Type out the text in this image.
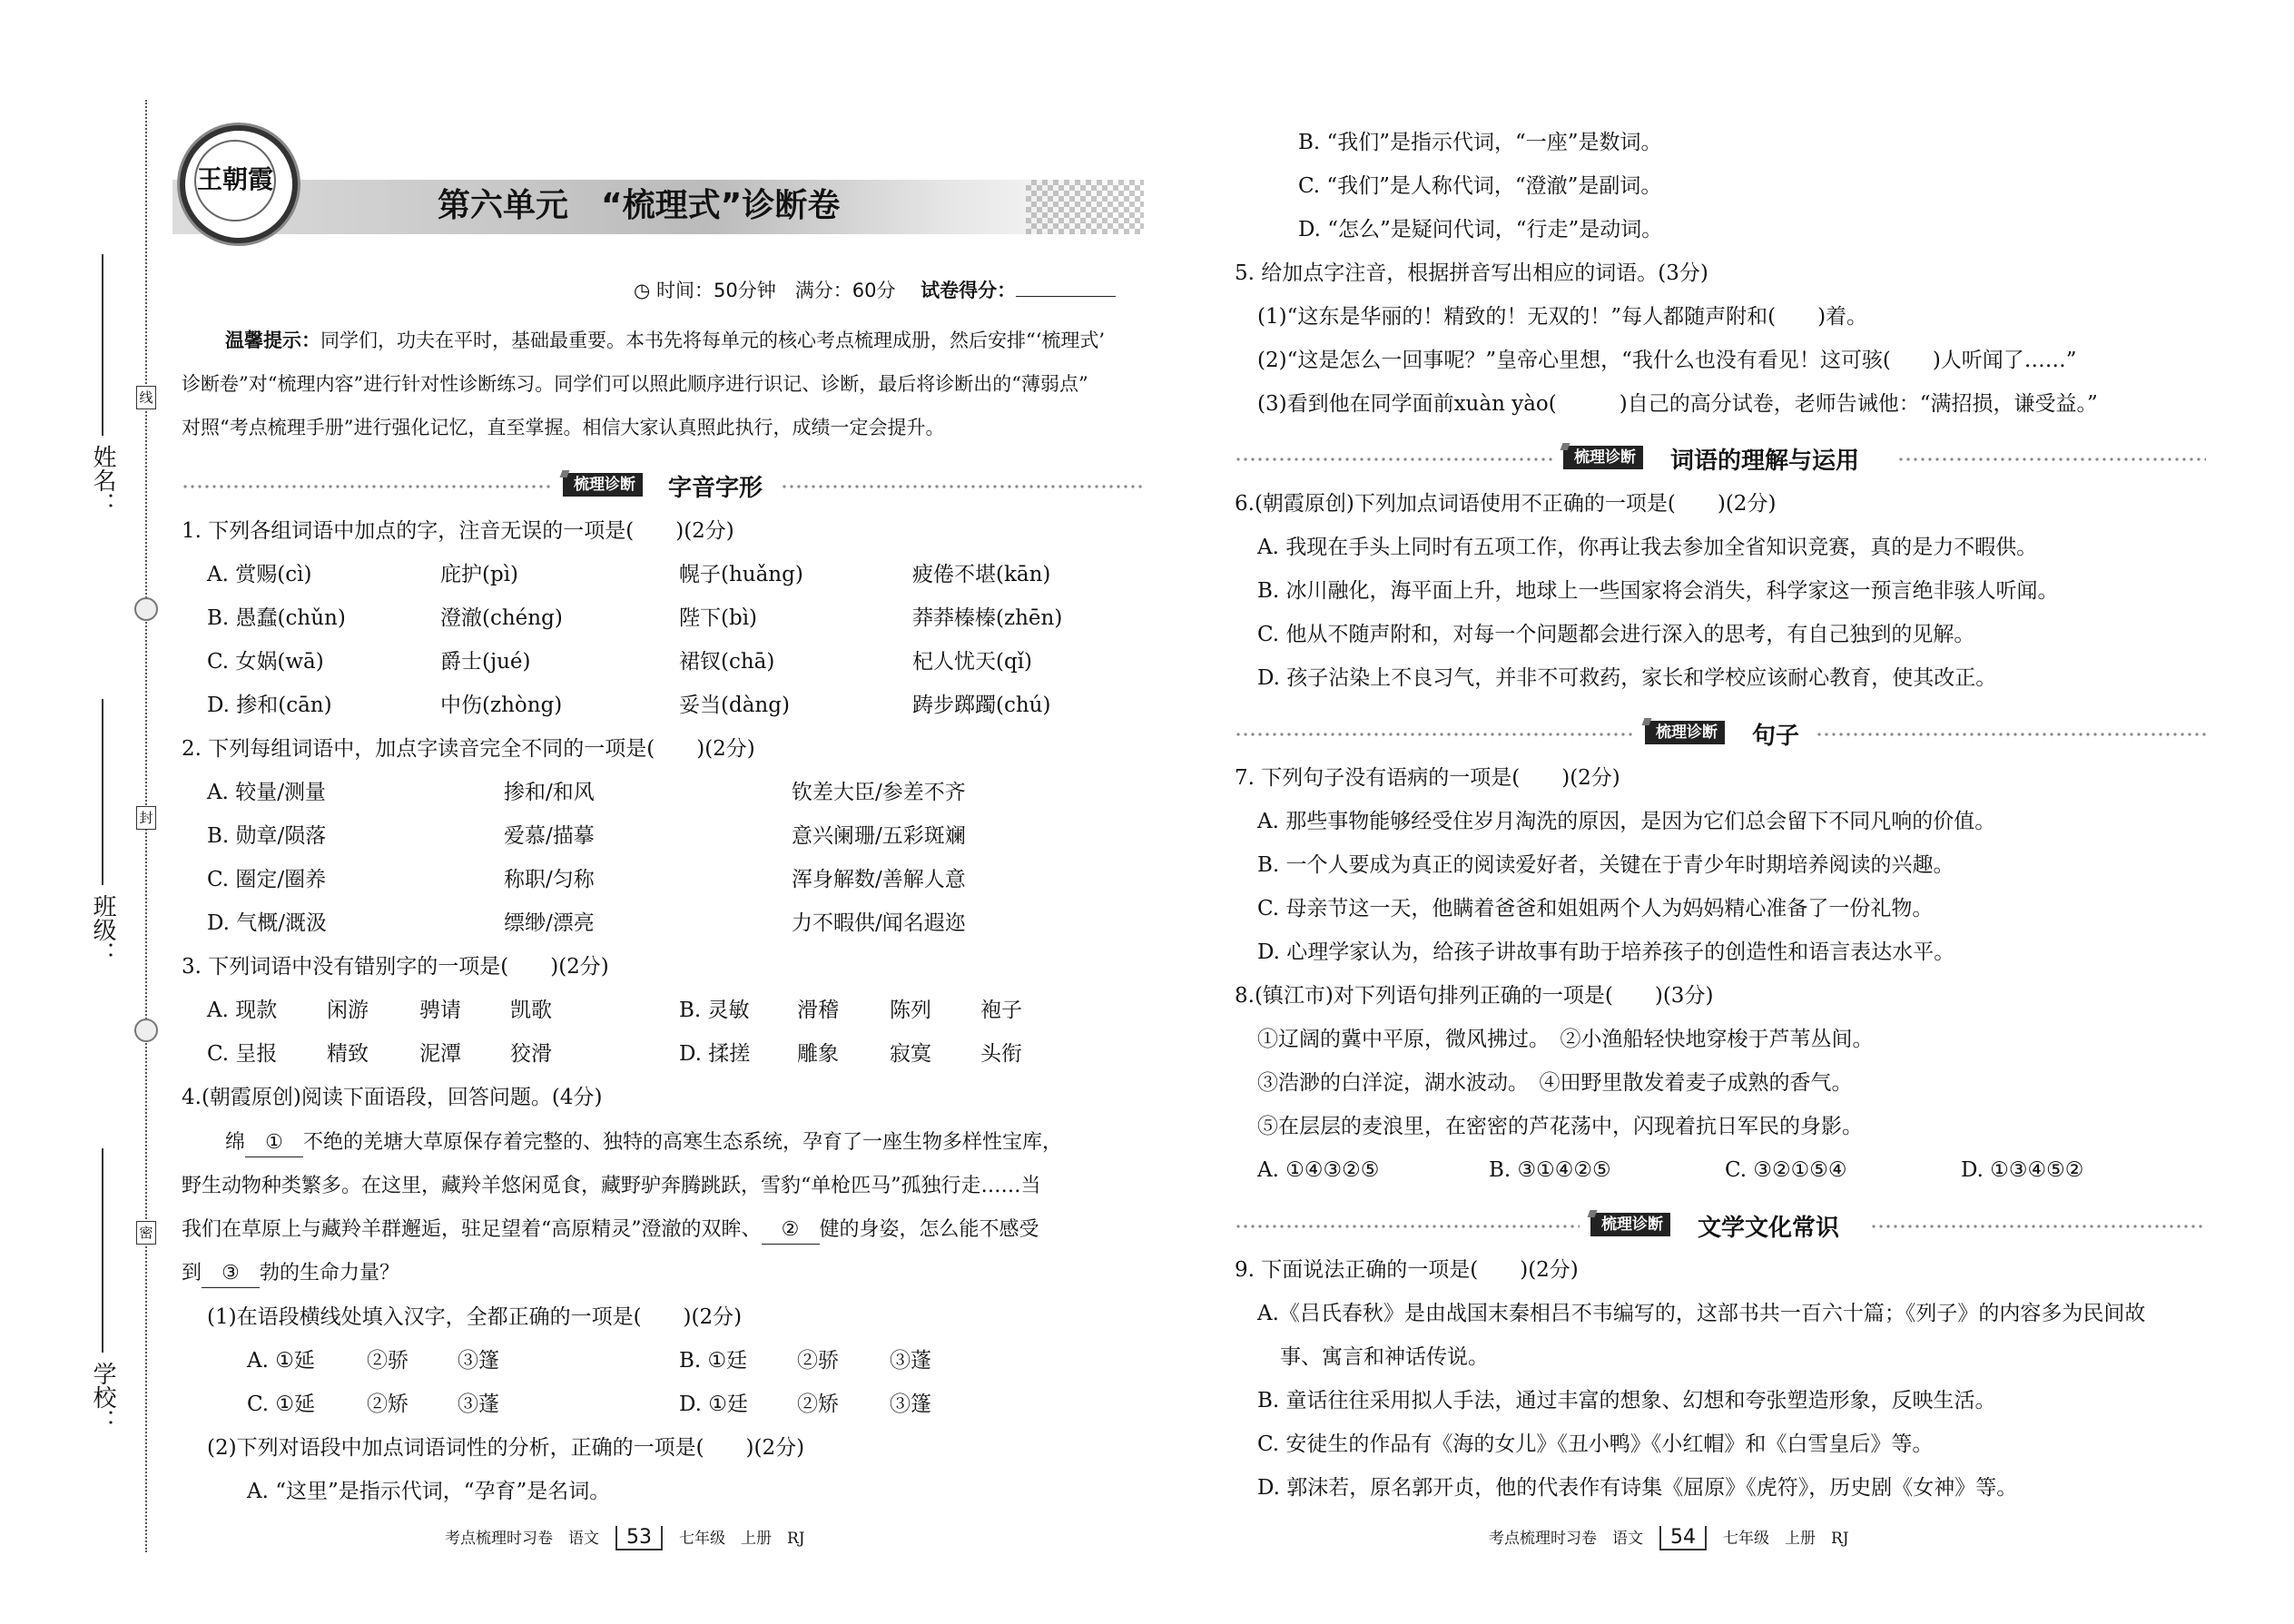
姓名：
班级：
学校：
线
封
密
王朝霞
第六单元　“梳理式”诊断卷
◷ 时间：50分钟　 满分：60分　 试卷得分：
温馨提示：同学们，功夫在平时，基础最重要。本书先将每单元的核心考点梳理成册，然后安排“‘梳理式’
诊断卷”对“梳理内容”进行针对性诊断练习。同学们可以照此顺序进行识记、诊断，最后将诊断出的“薄弱点”
对照“考点梳理手册”进行强化记忆，直至掌握。相信大家认真照此执行，成绩一定会提升。
梳理诊断	字音字形
1. 下列各组词语中加点的字，注音无误的一项是(　　)(2分)
A. 赏赐(cì)	庇护(pì)	幌子(huǎng)	疲倦不堪(kān)
B. 愚蠢(chǔn)	澄澈(chéng)	陛下(bì)	莽莽榛榛(zhēn)
C. 女娲(wā)	爵士(jué)	裙钗(chā)	杞人忧天(qǐ)
D. 掺和(cān)	中伤(zhòng)	妥当(dàng)	踌步踯躅(chú)
2. 下列每组词语中，加点字读音完全不同的一项是(　　)(2分)
A. 较量/测量	掺和/和风	钦差大臣/参差不齐
B. 勋章/陨落	爱慕/描摹	意兴阑珊/五彩斑斓
C. 圈定/圈养	称职/匀称	浑身解数/善解人意
D. 气概/溉汲	缥缈/漂亮	力不暇供/闻名遐迩
3. 下列词语中没有错别字的一项是(　　)(2分)
A. 现款 闲游 骋请 凯歌	B. 灵敏 滑稽 陈列 袍子
C. 呈报 精致 泥潭 狡滑	D. 揉搓 雕象 寂寞 头衔
4.(朝霞原创)阅读下面语段，回答问题。(4分)
绵 ① 不绝的羌塘大草原保存着完整的、独特的高寒生态系统，孕育了一座生物多样性宝库，
野生动物种类繁多。在这里，藏羚羊悠闲觅食，藏野驴奔腾跳跃，雪豹“单枪匹马”孤独行走……当
我们在草原上与藏羚羊群邂逅，驻足望着“高原精灵”澄澈的双眸、 ② 健的身姿，怎么能不感受
到 ③ 勃的生命力量？
(1)在语段横线处填入汉字，全都正确的一项是(　　)(2分)
A. ①延 ②骄 ③篷	B. ①廷 ②骄 ③蓬
C. ①延 ②矫 ③蓬	D. ①廷 ②矫 ③篷
(2)下列对语段中加点词语词性的分析，正确的一项是(　　)(2分)
A. “这里”是指示代词，“孕育”是名词。
考点梳理时习卷　语文 53 七年级　上册　RJ
B. “我们”是指示代词，“一座”是数词。
C. “我们”是人称代词，“澄澈”是副词。
D. “怎么”是疑问代词，“行走”是动词。
5. 给加点字注音，根据拼音写出相应的词语。(3分)
(1)“这东是华丽的！精致的！无双的！”每人都随声附和(　　)着。
(2)“这是怎么一回事呢？”皇帝心里想，“我什么也没有看见！这可骇(　　)人听闻了……”
(3)看到他在同学面前xuàn yào(　　　)自己的高分试卷，老师告诫他：“满招损，谦受益。”
梳理诊断	词语的理解与运用
6.(朝霞原创)下列加点词语使用不正确的一项是(　　)(2分)
A. 我现在手头上同时有五项工作，你再让我去参加全省知识竞赛，真的是力不暇供。
B. 冰川融化，海平面上升，地球上一些国家将会消失，科学家这一预言绝非骇人听闻。
C. 他从不随声附和，对每一个问题都会进行深入的思考，有自己独到的见解。
D. 孩子沾染上不良习气，并非不可救药，家长和学校应该耐心教育，使其改正。
梳理诊断	句子
7. 下列句子没有语病的一项是(　　)(2分)
A. 那些事物能够经受住岁月淘洗的原因，是因为它们总会留下不同凡响的价值。
B. 一个人要成为真正的阅读爱好者，关键在于青少年时期培养阅读的兴趣。
C. 母亲节这一天，他瞒着爸爸和姐姐两个人为妈妈精心准备了一份礼物。
D. 心理学家认为，给孩子讲故事有助于培养孩子的创造性和语言表达水平。
8.(镇江市)对下列语句排列正确的一项是(　　)(3分)
①辽阔的冀中平原，微风拂过。　②小渔船轻快地穿梭于芦苇丛间。
③浩渺的白洋淀，湖水波动。　④田野里散发着麦子成熟的香气。
⑤在层层的麦浪里，在密密的芦花荡中，闪现着抗日军民的身影。
A. ①④③②⑤	B. ③①④②⑤	C. ③②①⑤④	D. ①③④⑤②
梳理诊断	文学文化常识
9. 下面说法正确的一项是(　　)(2分)
A.《吕氏春秋》是由战国末秦相吕不韦编写的，这部书共一百六十篇；《列子》的内容多为民间故
事、寓言和神话传说。
B. 童话往往采用拟人手法，通过丰富的想象、幻想和夸张塑造形象，反映生活。
C. 安徒生的作品有《海的女儿》《丑小鸭》《小红帽》和《白雪皇后》等。
D. 郭沫若，原名郭开贞，他的代表作有诗集《屈原》《虎符》，历史剧《女神》等。
考点梳理时习卷　语文 54 七年级　上册　RJ
